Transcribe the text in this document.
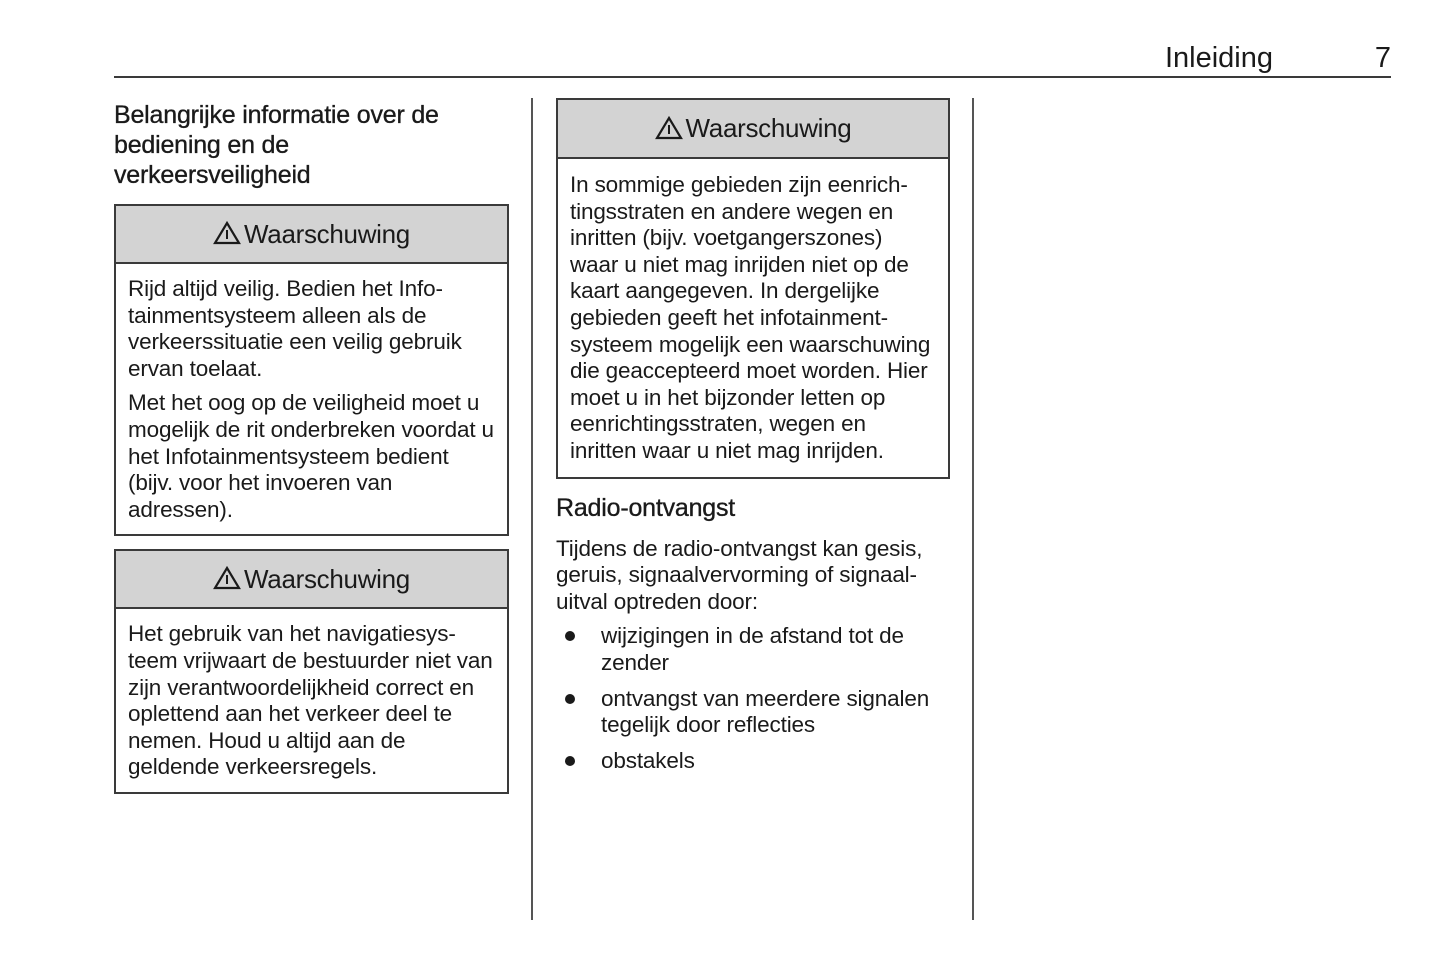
Inleiding	7
Belangrijke informatie over de
bediening en de
verkeersveiligheid
Waarschuwing

Rijd altijd veilig. Bedien het Infotainmentsysteem alleen als de verkeerssituatie een veilig gebruik ervan toelaat.

Met het oog op de veiligheid moet u mogelijk de rit onderbreken voordat u het Infotainmentsysteem bedient (bijv. voor het invoeren van adressen).

Waarschuwing

Het gebruik van het navigatiesysteem vrijwaart de bestuurder niet van zijn verantwoordelijkheid correct en oplettend aan het verkeer deel te nemen. Houd u altijd aan de geldende verkeersregels.

Waarschuwing

In sommige gebieden zijn eenrichtingsstraten en andere wegen en inritten (bijv. voetgangerszones) waar u niet mag inrijden niet op de kaart aangegeven. In dergelijke gebieden geeft het infotainmentsysteem mogelijk een waarschuwing die geaccepteerd moet worden. Hier moet u in het bijzonder letten op eenrichtingsstraten, wegen en inritten waar u niet mag inrijden.

Radio-ontvangst

Tijdens de radio-ontvangst kan gesis, geruis, signaalvervorming of signaaluitval optreden door:

wijzigingen in de afstand tot de zender
ontvangst van meerdere signalen tegelijk door reflecties
obstakels
